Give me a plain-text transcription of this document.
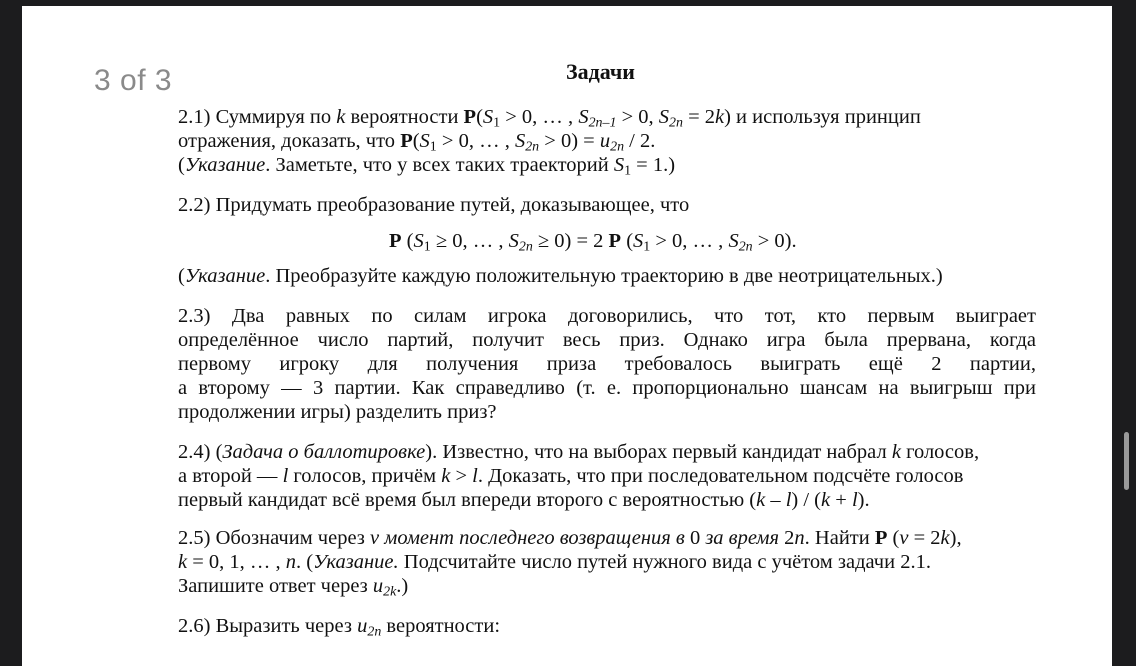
3 of 3	Задачи
2.1) Суммируя по k вероятности $P(S_1 > 0$, … , $S_{2n-1} > 0$, $S_{2n} = 2k$) и используя принцип
отражения, доказать, что $P(S_1 > 0$, … , $S_{2n} > 0) = u_{2n} / 2$.
(Указание. Заметьте, что у всех таких траекторий $S_1 = 1$.)
2.2) Придумать преобразование путей, доказывающее, что
P ($S_1 \ge 0$, … , $S_{2n} \ge 0) = 2$ P ($S_1 > 0$, … , $S_{2n} > 0$).
(Указание. Преобразуйте каждую положительную траекторию в две неотрицательных.)
2.3) Два равных по силам игрока договорились, что тот, кто первым выиграет
определённое число партий, получит весь приз. Однако игра была прервана, когда
первому игроку для получения приза требовалось выиграть ещё 2 партии,
а второму — 3 партии. Как справедливо (т. е. пропорционально шансам на выигрыш при
продолжении игры) разделить приз?
2.4) (Задача о баллотировке). Известно, что на выборах первый кандидат набрал k голосов,
а второй — l голосов, причём k > l. Доказать, что при последовательном подсчёте голосов
первый кандидат всё время был впереди второго с вероятностью (k – l) / (k + l).
2.5) Обозначим через ν момент последнего возвращения в 0 за время 2n. Найти P (ν = 2k),
k = 0, 1, … , n. (Указание. Подсчитайте число путей нужного вида с учётом задачи 2.1.
Запишите ответ через $u_{2k}$.)
2.6) Выразить через $u_{2n}$ вероятности:
